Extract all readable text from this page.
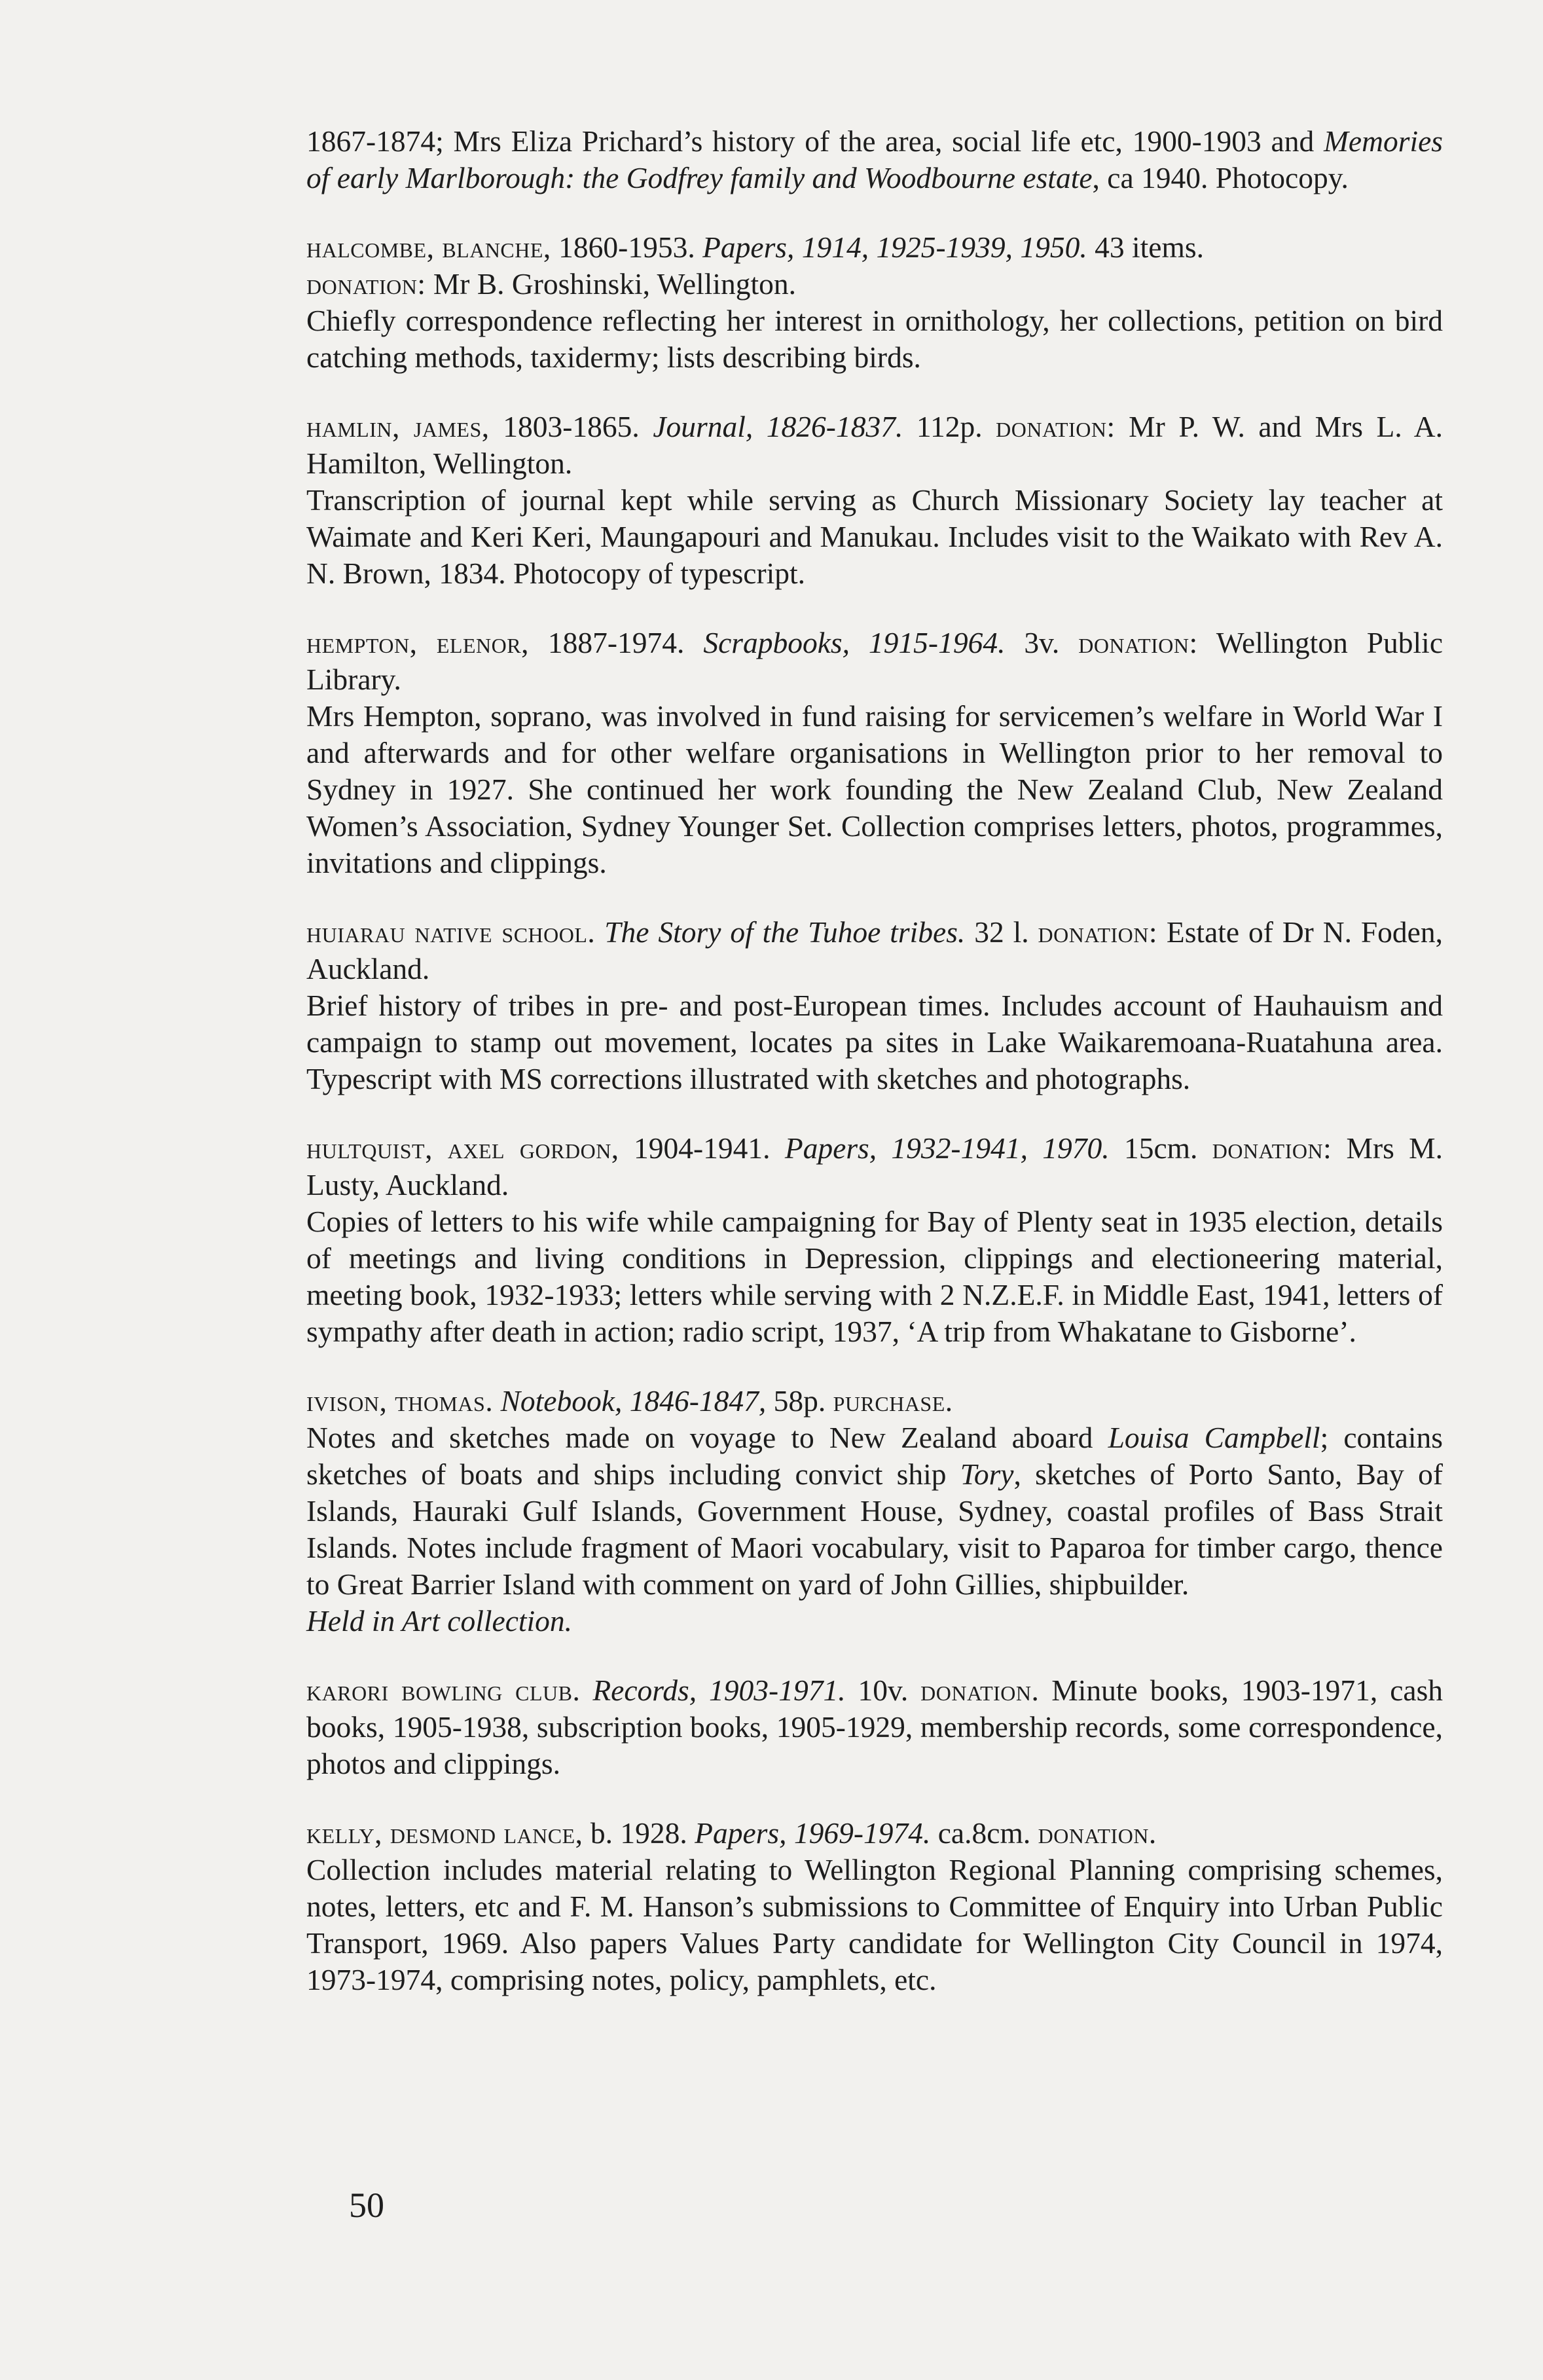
1867-1874; Mrs Eliza Prichard’s history of the area, social life etc, 1900-1903 and Memories of early Marlborough: the Godfrey family and Woodbourne estate, ca 1940. Photocopy.

halcombe, blanche, 1860-1953. Papers, 1914, 1925-1939, 1950. 43 items.
donation: Mr B. Groshinski, Wellington.

Chiefly correspondence reflecting her interest in ornithology, her collections, petition on bird catching methods, taxidermy; lists describing birds.

hamlin, james, 1803-1865. Journal, 1826-1837. 112p. donation: Mr P. W. and Mrs L. A. Hamilton, Wellington.

Transcription of journal kept while serving as Church Missionary Society lay teacher at Waimate and Keri Keri, Maungapouri and Manukau. Includes visit to the Waikato with Rev A. N. Brown, 1834. Photocopy of typescript.

hempton, elenor, 1887-1974. Scrapbooks, 1915-1964. 3v. donation: Wellington Public Library.

Mrs Hempton, soprano, was involved in fund raising for servicemen’s welfare in World War I and afterwards and for other welfare organisations in Wellington prior to her removal to Sydney in 1927. She continued her work founding the New Zealand Club, New Zealand Women’s Association, Sydney Younger Set. Collection comprises letters, photos, programmes, invitations and clippings.

huiarau native school. The Story of the Tuhoe tribes. 32 l. donation: Estate of Dr N. Foden, Auckland.

Brief history of tribes in pre- and post-European times. Includes account of Hauhauism and campaign to stamp out movement, locates pa sites in Lake Waikaremoana-Ruatahuna area. Typescript with MS corrections illustrated with sketches and photographs.

hultquist, axel gordon, 1904-1941. Papers, 1932-1941, 1970. 15cm. donation: Mrs M. Lusty, Auckland.

Copies of letters to his wife while campaigning for Bay of Plenty seat in 1935 election, details of meetings and living conditions in Depression, clippings and electioneering material, meeting book, 1932-1933; letters while serving with 2 N.Z.E.F. in Middle East, 1941, letters of sympathy after death in action; radio script, 1937, ‘A trip from Whakatane to Gisborne’.

ivison, thomas. Notebook, 1846-1847, 58p. purchase.

Notes and sketches made on voyage to New Zealand aboard Louisa Campbell; contains sketches of boats and ships including convict ship Tory, sketches of Porto Santo, Bay of Islands, Hauraki Gulf Islands, Government House, Sydney, coastal profiles of Bass Strait Islands. Notes include fragment of Maori vocabulary, visit to Paparoa for timber cargo, thence to Great Barrier Island with comment on yard of John Gillies, shipbuilder.

Held in Art collection.

karori bowling club. Records, 1903-1971. 10v. donation. Minute books, 1903-1971, cash books, 1905-1938, subscription books, 1905-1929, membership records, some correspondence, photos and clippings.

kelly, desmond lance, b. 1928. Papers, 1969-1974. ca.8cm. donation.

Collection includes material relating to Wellington Regional Planning comprising schemes, notes, letters, etc and F. M. Hanson’s submissions to Committee of Enquiry into Urban Public Transport, 1969. Also papers Values Party candidate for Wellington City Council in 1974, 1973-1974, comprising notes, policy, pamphlets, etc.

50
